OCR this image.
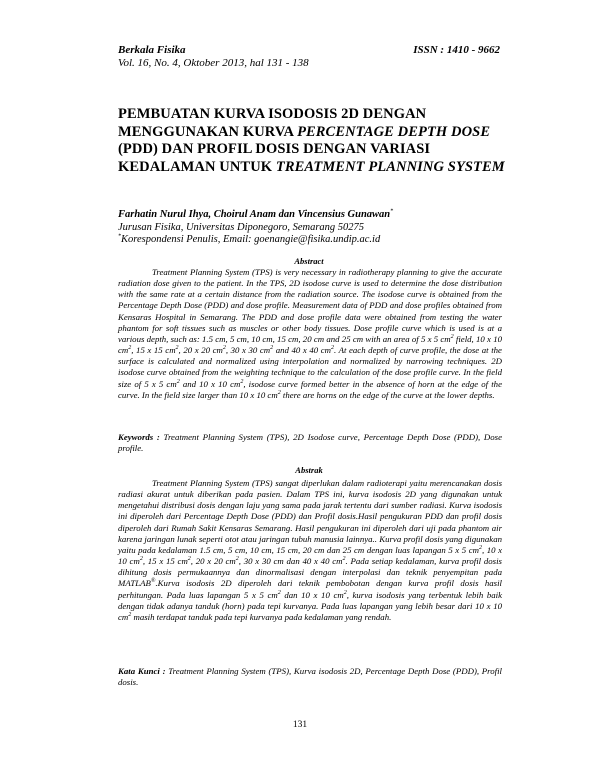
Berkala Fisika	ISSN : 1410 - 9662
Vol. 16, No. 4, Oktober 2013, hal 131 - 138
PEMBUATAN KURVA ISODOSIS 2D DENGAN MENGGUNAKAN KURVA PERCENTAGE DEPTH DOSE (PDD) DAN PROFIL DOSIS DENGAN VARIASI KEDALAMAN UNTUK TREATMENT PLANNING SYSTEM
Farhatin Nurul Ihya, Choirul Anam dan Vincensius Gunawan*
Jurusan Fisika, Universitas Diponegoro, Semarang 50275
*Korespondensi Penulis, Email: goenangie@fisika.undip.ac.id
Abstract
Treatment Planning System (TPS) is very necessary in radiotherapy planning to give the accurate radiation dose given to the patient. In the TPS, 2D isodose curve is used to determine the dose distribution with the same rate at a certain distance from the radiation source. The isodose curve is obtained from the Percentage Depth Dose (PDD) and dose profile. Measurement data of PDD and dose profiles obtained from Kensaras Hospital in Semarang. The PDD and dose profile data were obtained from testing the water phantom for soft tissues such as muscles or other body tissues. Dose profile curve which is used is at a various depth, such as: 1.5 cm, 5 cm, 10 cm, 15 cm, 20 cm and 25 cm with an area of 5 x 5 $cm^2$ field, 10 x 10 $cm^2$, 15 x 15 $cm^2$, 20 x 20 $cm^2$, 30 x 30 $cm^2$ and 40 x 40 $cm^2$. At each depth of curve profile, the dose at the surface is calculated and normalized using interpolation and normalized by narrowing techniques. 2D isodose curve obtained from the weighting technique to the calculation of the dose profile curve. In the field size of 5 x 5 $cm^2$ and 10 x 10 $cm^2$, isodose curve formed better in the absence of horn at the edge of the curve. In the field size larger than 10 x 10 $cm^2$ there are horns on the edge of the curve at the lower depths.
Keywords : Treatment Planning System (TPS), 2D Isodose curve, Percentage Depth Dose (PDD), Dose profile.
Abstrak
Treatment Planning System (TPS) sangat diperlukan dalam radioterapi yaitu merencanakan dosis radiasi akurat untuk diberikan pada pasien. Dalam TPS ini, kurva isodosis 2D yang digunakan untuk mengetahui distribusi dosis dengan laju yang sama pada jarak tertentu dari sumber radiasi. Kurva isodosis ini diperoleh dari Percentage Depth Dose (PDD) dan Profil dosis.Hasil pengukuran PDD dan profil dosis diperoleh dari Rumah Sakit Kensaras Semarang. Hasil pengukuran ini diperoleh dari uji pada phantom air karena jaringan lunak seperti otot atau jaringan tubuh manusia lainnya.. Kurva profil dosis yang digunakan yaitu pada kedalaman 1.5 cm, 5 cm, 10 cm, 15 cm, 20 cm dan 25 cm dengan luas lapangan 5 x 5 $cm^2$, 10 x 10 $cm^2$, 15 x 15 $cm^2$, 20 x 20 $cm^2$, 30 x 30 cm dan 40 x 40 $cm^2$. Pada setiap kedalaman, kurva profil dosis dihitung dosis permukaannya dan dinormalisasi dengan interpolasi dan teknik penyempitan pada MATLAB®.Kurva isodosis 2D diperoleh dari teknik pembobotan dengan kurva profil dosis hasil perhitungan. Pada luas lapangan 5 x 5 $cm^2$ dan 10 x 10 $cm^2$, kurva isodosis yang terbentuk lebih baik dengan tidak adanya tanduk (horn) pada tepi kurvanya. Pada luas lapangan yang lebih besar dari 10 x 10 $cm^2$ masih terdapat tanduk pada tepi kurvanya pada kedalaman yang rendah.
Kata Kunci : Treatment Planning System (TPS), Kurva isodosis 2D, Percentage Depth Dose (PDD), Profil dosis.
131
